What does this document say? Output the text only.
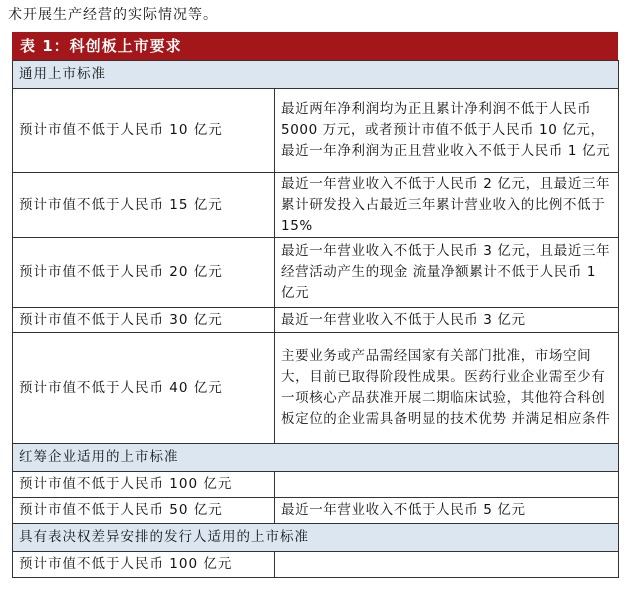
术开展生产经营的实际情况等。
表 1：科创板上市要求
通用上市标准	
预计市值不低于人民币 10 亿元	最近两年净利润均为正且累计净利润不低于人民币 5000 万元，或者预计市值不低于人民币 10 亿元，最近一年净利润为正且营业收入不低于人民币 1 亿元
预计市值不低于人民币 15 亿元	最近一年营业收入不低于人民币 2 亿元，且最近三年累计研发投入占最近三年累计营业收入的比例不低于 15%
预计市值不低于人民币 20 亿元	最近一年营业收入不低于人民币 3 亿元，且最近三年经营活动产生的现金 流量净额累计不低于人民币 1 亿元
预计市值不低于人民币 30 亿元	最近一年营业收入不低于人民币 3 亿元
预计市值不低于人民币 40 亿元	主要业务或产品需经国家有关部门批准，市场空间大，目前已取得阶段性成果。医药行业企业需至少有一项核心产品获准开展二期临床试验，其他符合科创板定位的企业需具备明显的技术优势 并满足相应条件
红筹企业适用的上市标准	
预计市值不低于人民币 100 亿元	
预计市值不低于人民币 50 亿元	最近一年营业收入不低于人民币 5 亿元
具有表决权差异安排的发行人适用的上市标准	
预计市值不低于人民币 100 亿元	
